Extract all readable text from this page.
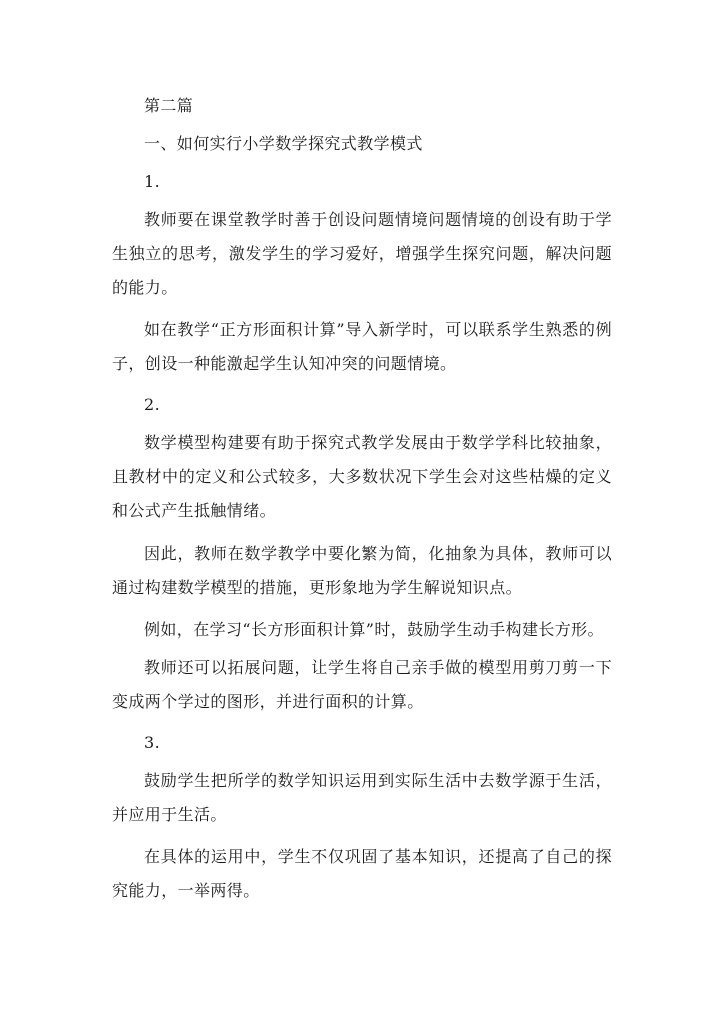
第二篇

一、如何实行小学数学探究式教学模式

1.

教师要在课堂教学时善于创设问题情境问题情境的创设有助于学生独立的思考，激发学生的学习爱好，增强学生探究问题，解决问题的能力。

如在教学“正方形面积计算”导入新学时，可以联系学生熟悉的例子，创设一种能激起学生认知冲突的问题情境。

2.

数学模型构建要有助于探究式教学发展由于数学学科比较抽象，且教材中的定义和公式较多，大多数状况下学生会对这些枯燥的定义和公式产生抵触情绪。

因此，教师在数学教学中要化繁为简，化抽象为具体，教师可以通过构建数学模型的措施，更形象地为学生解说知识点。

例如，在学习“长方形面积计算”时，鼓励学生动手构建长方形。

教师还可以拓展问题，让学生将自己亲手做的模型用剪刀剪一下变成两个学过的图形，并进行面积的计算。

3.

鼓励学生把所学的数学知识运用到实际生活中去数学源于生活，并应用于生活。

在具体的运用中，学生不仅巩固了基本知识，还提高了自己的探究能力，一举两得。
